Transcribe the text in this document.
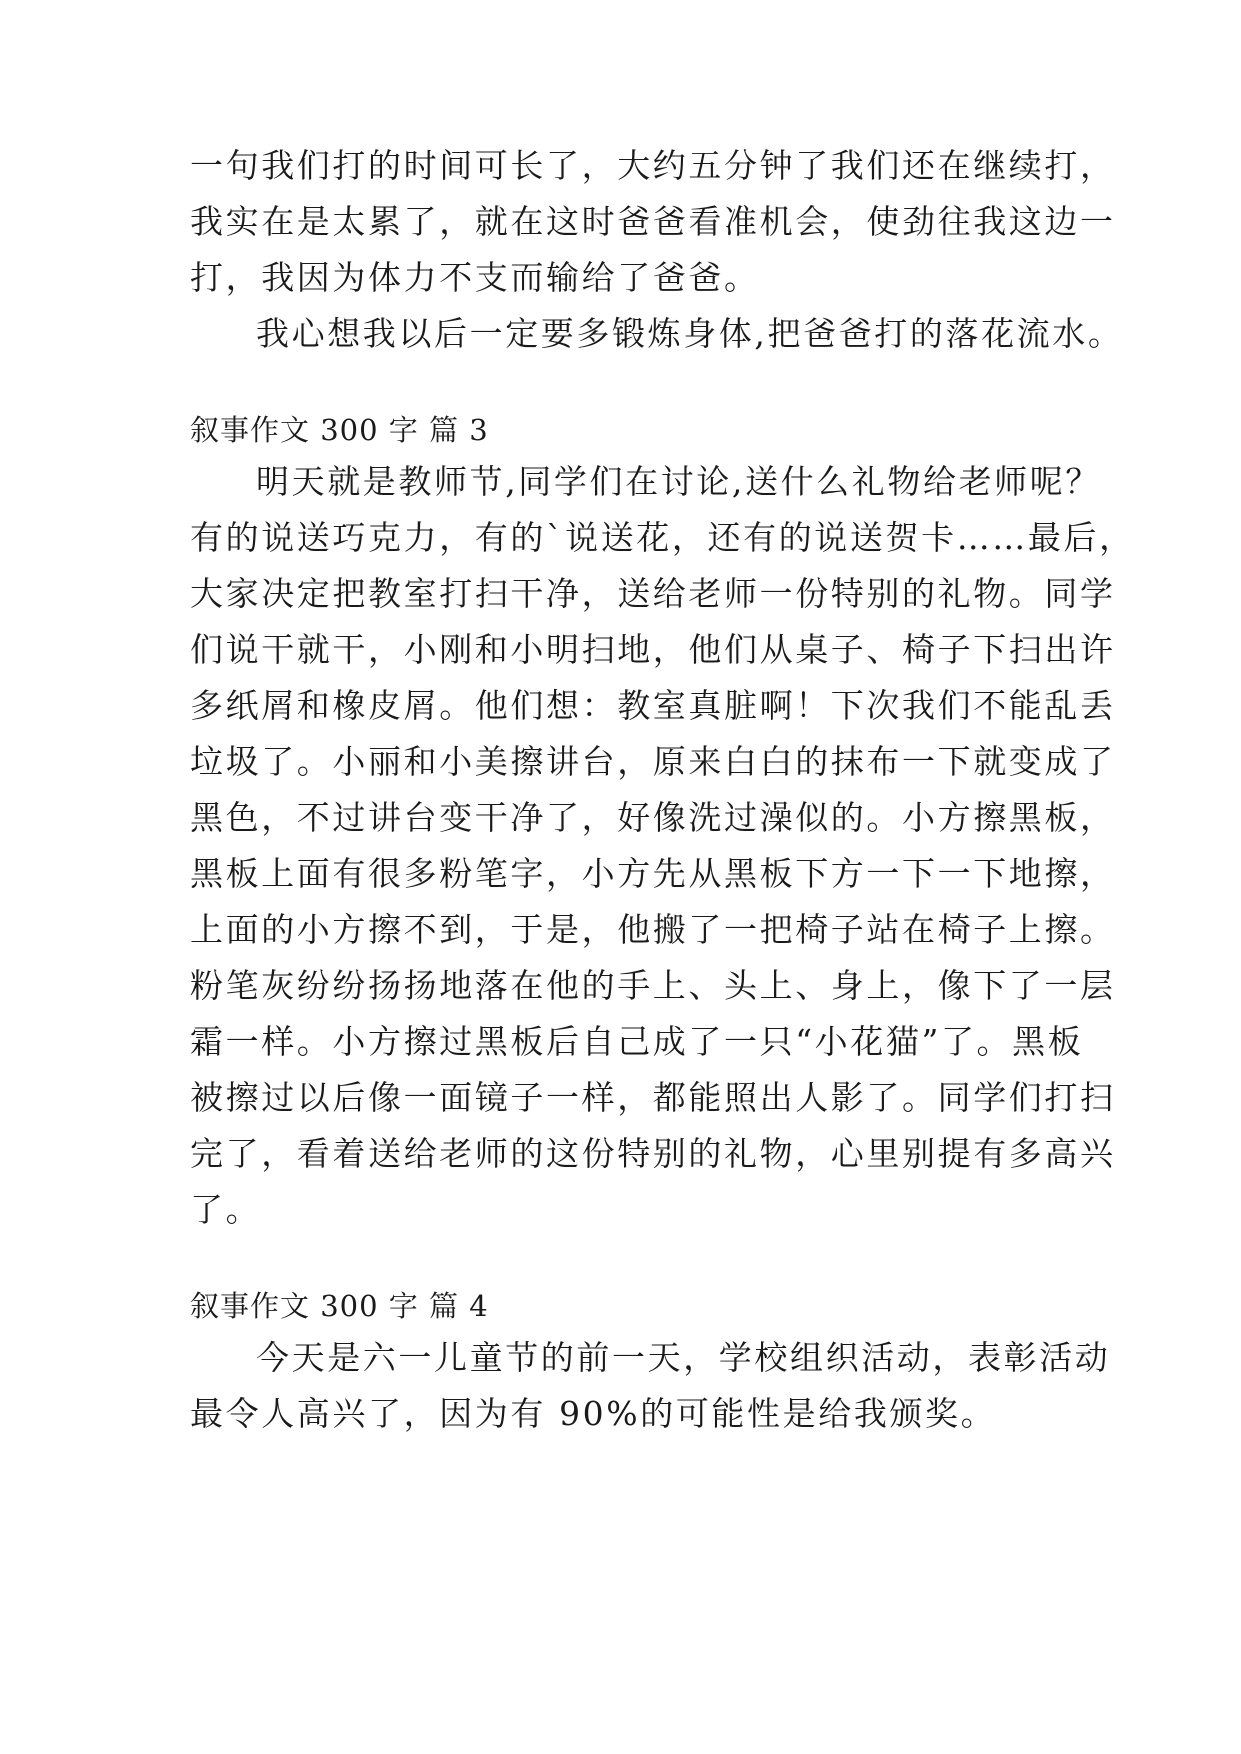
一句我们打的时间可长了，大约五分钟了我们还在继续打，
我实在是太累了，就在这时爸爸看准机会，使劲往我这边一
打，我因为体力不支而输给了爸爸。
我心想我以后一定要多锻炼身体,把爸爸打的落花流水。
叙事作文 300 字 篇 3
明天就是教师节,同学们在讨论,送什么礼物给老师呢？
有的说送巧克力，有的`说送花，还有的说送贺卡……最后，
大家决定把教室打扫干净，送给老师一份特别的礼物。同学
们说干就干，小刚和小明扫地，他们从桌子、椅子下扫出许
多纸屑和橡皮屑。他们想：教室真脏啊！下次我们不能乱丢
垃圾了。小丽和小美擦讲台，原来白白的抹布一下就变成了
黑色，不过讲台变干净了，好像洗过澡似的。小方擦黑板，
黑板上面有很多粉笔字，小方先从黑板下方一下一下地擦，
上面的小方擦不到，于是，他搬了一把椅子站在椅子上擦。
粉笔灰纷纷扬扬地落在他的手上、头上、身上，像下了一层
霜一样。小方擦过黑板后自己成了一只“小花猫”了。黑板
被擦过以后像一面镜子一样，都能照出人影了。同学们打扫
完了，看着送给老师的这份特别的礼物，心里别提有多高兴
了。
叙事作文 300 字 篇 4
今天是六一儿童节的前一天，学校组织活动，表彰活动
最令人高兴了，因为有 90%的可能性是给我颁奖。
